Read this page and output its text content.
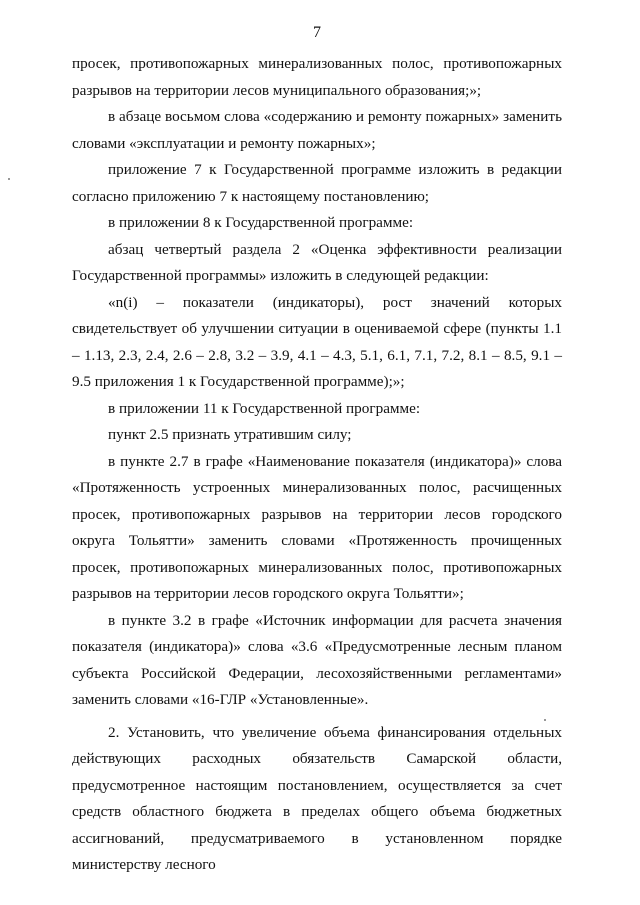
7

просек, противопожарных минерализованных полос, противопожарных разрывов на территории лесов муниципального образования;»;

в абзаце восьмом слова «содержанию и ремонту пожарных» заменить словами «эксплуатации и ремонту пожарных»;

приложение 7 к Государственной программе изложить в редакции согласно приложению 7 к настоящему постановлению;

в приложении 8 к Государственной программе:

абзац четвертый раздела 2 «Оценка эффективности реализации Государственной программы» изложить в следующей редакции:

«n(i) – показатели (индикаторы), рост значений которых свидетельствует об улучшении ситуации в оцениваемой сфере (пункты 1.1 – 1.13, 2.3, 2.4, 2.6 – 2.8, 3.2 – 3.9, 4.1 – 4.3, 5.1, 6.1, 7.1, 7.2, 8.1 – 8.5, 9.1 – 9.5 приложения 1 к Государственной программе);»;

в приложении 11 к Государственной программе:

пункт 2.5 признать утратившим силу;

в пункте 2.7 в графе «Наименование показателя (индикатора)» слова «Протяженность устроенных минерализованных полос, расчищенных просек, противопожарных разрывов на территории лесов городского округа Тольятти» заменить словами «Протяженность прочищенных просек, противопожарных минерализованных полос, противопожарных разрывов на территории лесов городского округа Тольятти»;

в пункте 3.2 в графе «Источник информации для расчета значения показателя (индикатора)» слова «3.6 «Предусмотренные лесным планом субъекта Российской Федерации, лесохозяйственными регламентами» заменить словами «16-ГЛР «Установленные».

2. Установить, что увеличение объема финансирования отдельных действующих расходных обязательств Самарской области, предусмотренное настоящим постановлением, осуществляется за счет средств областного бюджета в пределах общего объема бюджетных ассигнований, предусматриваемого в установленном порядке министерству лесного
